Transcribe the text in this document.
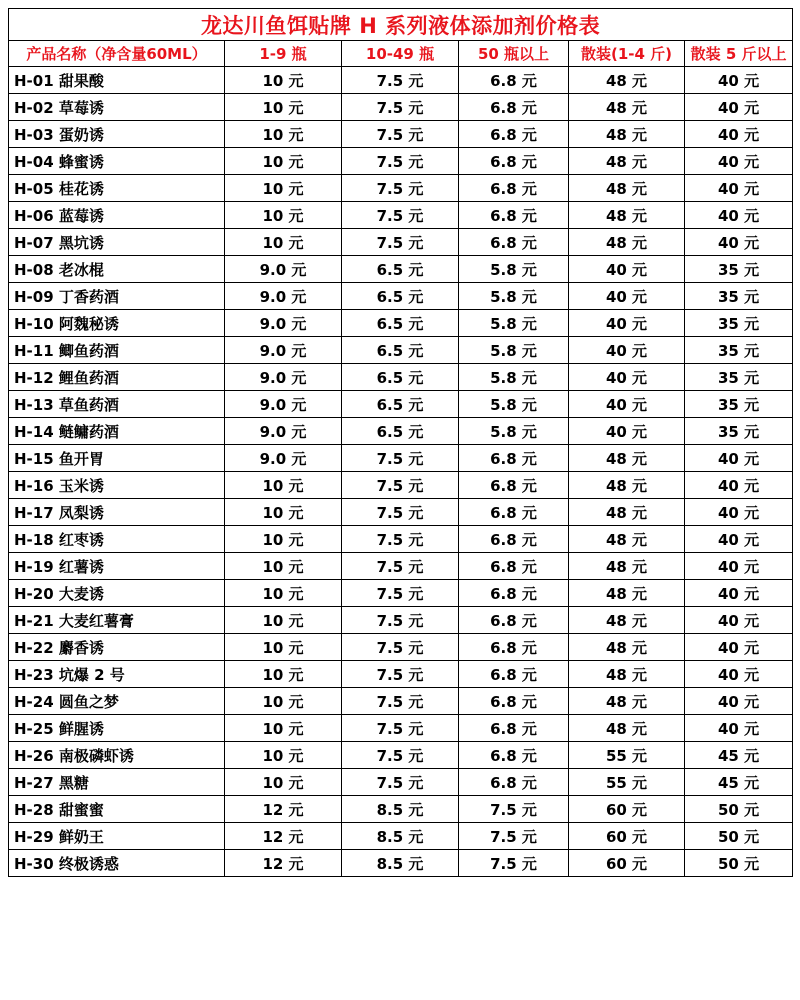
龙达川鱼饵贴牌 H 系列液体添加剂价格表					
产品名称（净含量60ML）	1-9 瓶	10-49 瓶	50 瓶以上	散装(1-4 斤)	散装 5 斤以上
H-01 甜果酸	10 元	7.5 元	6.8 元	48 元	40 元
H-02 草莓诱	10 元	7.5 元	6.8 元	48 元	40 元
H-03 蛋奶诱	10 元	7.5 元	6.8 元	48 元	40 元
H-04 蜂蜜诱	10 元	7.5 元	6.8 元	48 元	40 元
H-05 桂花诱	10 元	7.5 元	6.8 元	48 元	40 元
H-06 蓝莓诱	10 元	7.5 元	6.8 元	48 元	40 元
H-07 黑坑诱	10 元	7.5 元	6.8 元	48 元	40 元
H-08 老冰棍	9.0 元	6.5 元	5.8 元	40 元	35 元
H-09 丁香药酒	9.0 元	6.5 元	5.8 元	40 元	35 元
H-10 阿魏秘诱	9.0 元	6.5 元	5.8 元	40 元	35 元
H-11 鲫鱼药酒	9.0 元	6.5 元	5.8 元	40 元	35 元
H-12 鲤鱼药酒	9.0 元	6.5 元	5.8 元	40 元	35 元
H-13 草鱼药酒	9.0 元	6.5 元	5.8 元	40 元	35 元
H-14 鲢鳙药酒	9.0 元	6.5 元	5.8 元	40 元	35 元
H-15 鱼开胃	9.0 元	7.5 元	6.8 元	48 元	40 元
H-16 玉米诱	10 元	7.5 元	6.8 元	48 元	40 元
H-17 凤梨诱	10 元	7.5 元	6.8 元	48 元	40 元
H-18 红枣诱	10 元	7.5 元	6.8 元	48 元	40 元
H-19 红薯诱	10 元	7.5 元	6.8 元	48 元	40 元
H-20 大麦诱	10 元	7.5 元	6.8 元	48 元	40 元
H-21 大麦红薯膏	10 元	7.5 元	6.8 元	48 元	40 元
H-22 麝香诱	10 元	7.5 元	6.8 元	48 元	40 元
H-23 坑爆 2 号	10 元	7.5 元	6.8 元	48 元	40 元
H-24 圆鱼之梦	10 元	7.5 元	6.8 元	48 元	40 元
H-25 鲜腥诱	10 元	7.5 元	6.8 元	48 元	40 元
H-26 南极磷虾诱	10 元	7.5 元	6.8 元	55 元	45 元
H-27 黑糖	10 元	7.5 元	6.8 元	55 元	45 元
H-28 甜蜜蜜	12 元	8.5 元	7.5 元	60 元	50 元
H-29 鲜奶王	12 元	8.5 元	7.5 元	60 元	50 元
H-30 终极诱惑	12 元	8.5 元	7.5 元	60 元	50 元
